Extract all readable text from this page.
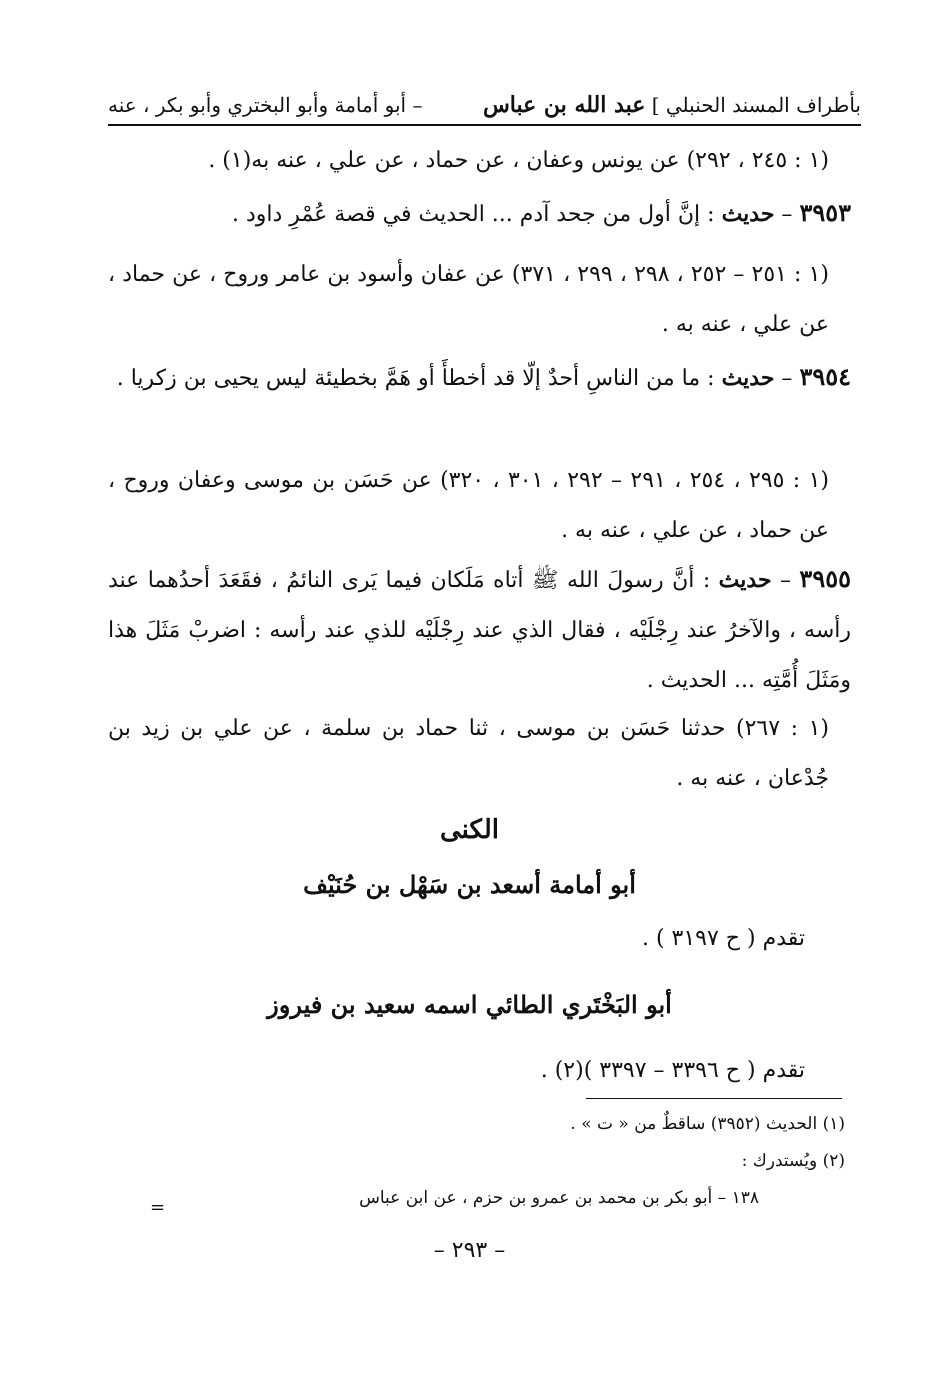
بأطراف المسند الحنبلي ] عبد الله بن عباس
– أبو أمامة وأبو البختري وأبو بكر ، عنه
(١ : ٢٤٥ ، ٢٩٢) عن يونس وعفان ، عن حماد ، عن علي ، عنه به(١) .
٣٩٥٣ – حديث : إنَّ أول من جحد آدم ... الحديث في قصة عُمْرِ داود .
(١ : ٢٥١ – ٢٥٢ ، ٢٩٨ ، ٢٩٩ ، ٣٧١) عن عفان وأسود بن عامر وروح ، عن حماد ، عن علي ، عنه به .
٣٩٥٤ – حديث : ما من الناسِ أحدٌ إلّا قد أخطأَ أو هَمَّ بخطيئة ليس يحيى بن زكريا .
(١ : ٢٩٥ ، ٢٥٤ ، ٢٩١ – ٢٩٢ ، ٣٠١ ، ٣٢٠) عن حَسَن بن موسى وعفان وروح ، عن حماد ، عن علي ، عنه به .
٣٩٥٥ – حديث : أنَّ رسولَ الله ﷺ أتاه مَلَكان فيما يَرى النائمُ ، فقَعَدَ أحدُهما عند رأسه ، والآخرُ عند رِجْلَيْه ، فقال الذي عند رِجْلَيْه للذي عند رأسه : اضربْ مَثَلَ هذا ومَثَلَ أُمَّتِه ... الحديث .
(١ : ٢٦٧) حدثنا حَسَن بن موسى ، ثنا حماد بن سلمة ، عن علي بن زيد بن جُدْعان ، عنه به .
الكنى
أبو أمامة أسعد بن سَهْل بن حُنَيْف
تقدم ( ح ٣١٩٧ ) .
أبو البَخْتَري الطائي اسمه سعيد بن فيروز
تقدم ( ح ٣٣٩٦ – ٣٣٩٧ )(٢) .
(١) الحديث (٣٩٥٢) ساقطٌ من « ت » .
(٢) ويُستدرك :
١٣٨ – أبو بكر بن محمد بن عمرو بن حزم ، عن ابن عباس
=
– ٢٩٣ –
